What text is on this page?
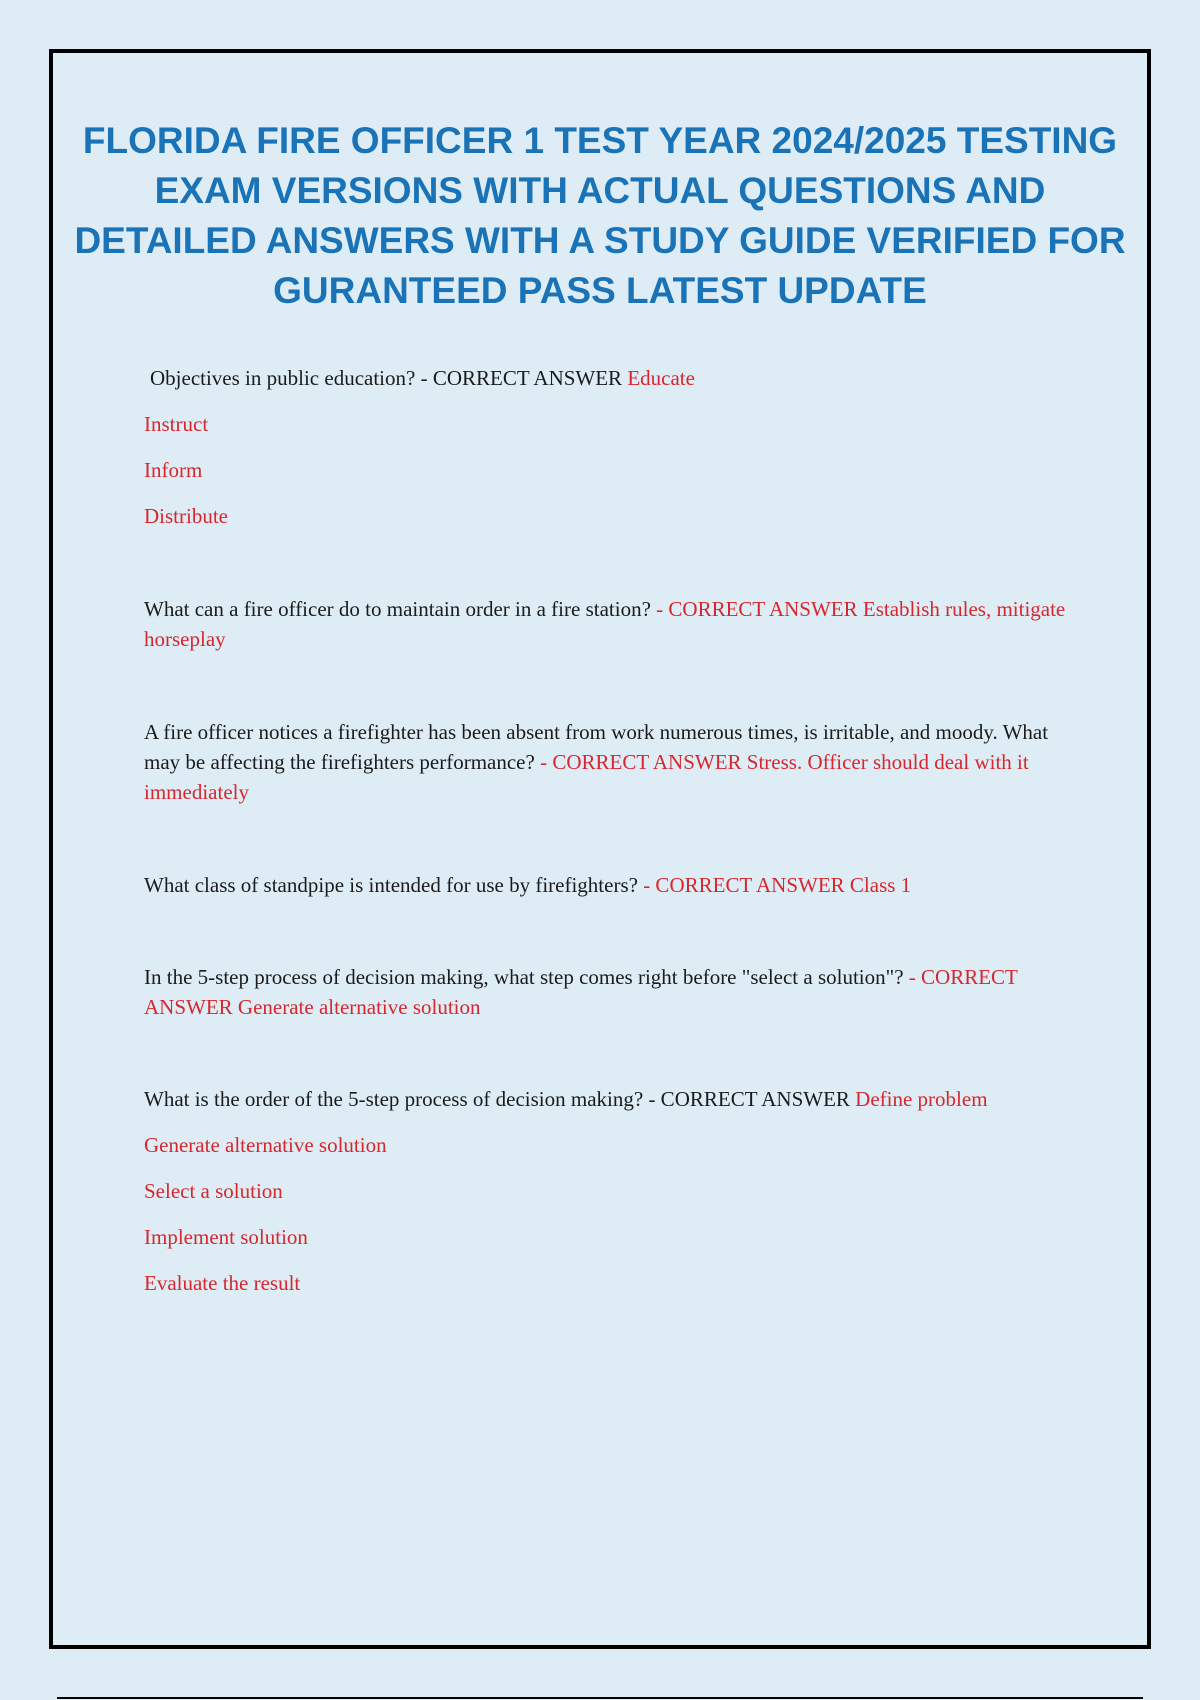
FLORIDA FIRE OFFICER 1 TEST YEAR 2024/2025 TESTING EXAM VERSIONS WITH ACTUAL QUESTIONS AND DETAILED ANSWERS WITH A STUDY GUIDE VERIFIED FOR GURANTEED PASS LATEST UPDATE

Objectives in public education? - CORRECT ANSWER Educate

Instruct
Inform
Distribute

What can a fire officer do to maintain order in a fire station? - CORRECT ANSWER Establish rules, mitigate horseplay

A fire officer notices a firefighter has been absent from work numerous times, is irritable, and moody. What may be affecting the firefighters performance? - CORRECT ANSWER Stress. Officer should deal with it immediately

What class of standpipe is intended for use by firefighters? - CORRECT ANSWER Class 1

In the 5-step process of decision making, what step comes right before "select a solution"? - CORRECT ANSWER Generate alternative solution

What is the order of the 5-step process of decision making? - CORRECT ANSWER Define problem

Generate alternative solution
Select a solution
Implement solution
Evaluate the result
